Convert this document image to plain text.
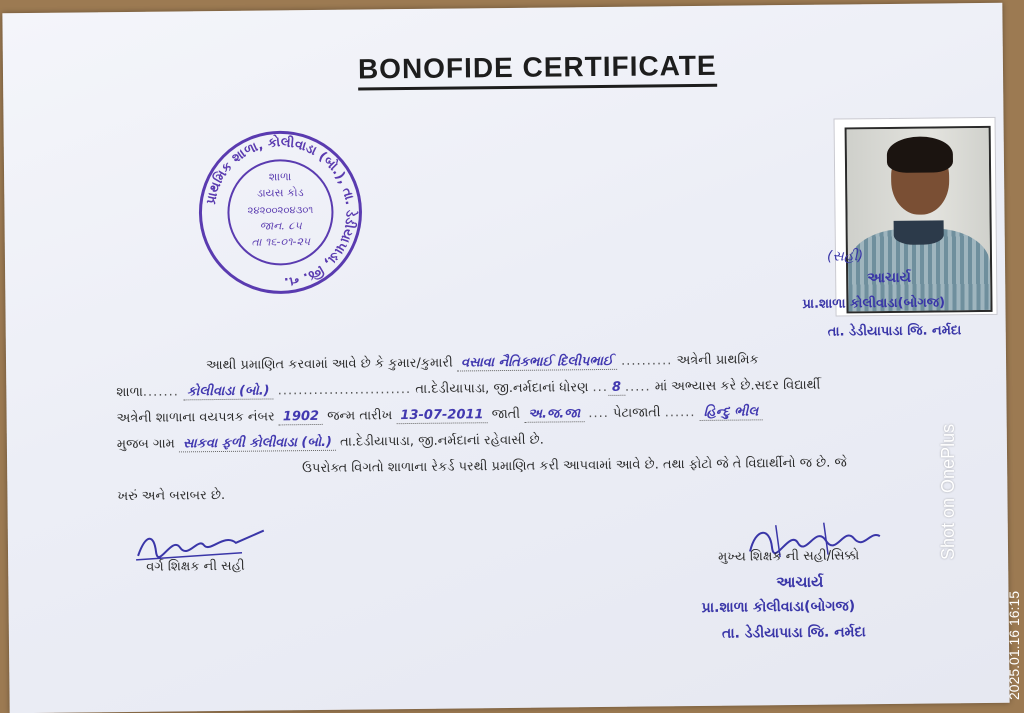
BONOFIDE CERTIFICATE
પ્રાથમિક શાળા, કોલીવાડા (બો.), તા. ડેડીયાપાડા, જિ. ન.
શાળા
ડાયસ કોડ
૨૪૨૦૦૨૦૪૩૦૧
જાન. ૮૫
તા ૧૬-૦૧-૨૫
(સહી)
આચાર્ય
પ્રા.શાળા કોલીવાડા(બોગજ)
તા. ડેડીયાપાડા જિ. નર્મદા
આથી પ્રમાણિત કરવામાં આવે છે કે કુમાર/કુમારી વસાવા નૈતિકભાઈ દિલીપભાઈ .......... અત્રેની પ્રાથમિક
શાળા....... કોલીવાડા (બો.) .......................... તા.દેડીયાપાડા, જી.નર્મદાનાં ધોરણ ... 8 ..... માં અભ્યાસ કરે છે.સદર વિદ્યાર્થી
અત્રેની શાળાના વયપત્રક નંબર 1902 જન્મ તારીખ 13-07-2011 જાતી અ.જ.જા .... પેટાજાતી ...... હિન્દુ ભીલ
મુજબ ગામ સાકવા ફળી કોલીવાડા (બો.) તા.દેડીયાપાડા, જી.નર્મદાનાં રહેવાસી છે.
ઉપરોક્ત વિગતો શાળાના રેકર્ડ પરથી પ્રમાણિત કરી આપવામાં આવે છે. તથા ફોટો જે તે વિદ્યાર્થીનો જ છે. જે
ખરું અને બરાબર છે.
વર્ગ શિક્ષક ની સહી
મુખ્ય શિક્ષક ની સહી/સિક્કો
આચાર્ય
પ્રા.શાળા કોલીવાડા(બોગજ)
તા. ડેડીયાપાડા જિ. નર્મદા
Shot on OnePlus
2025.01.16 16:15
